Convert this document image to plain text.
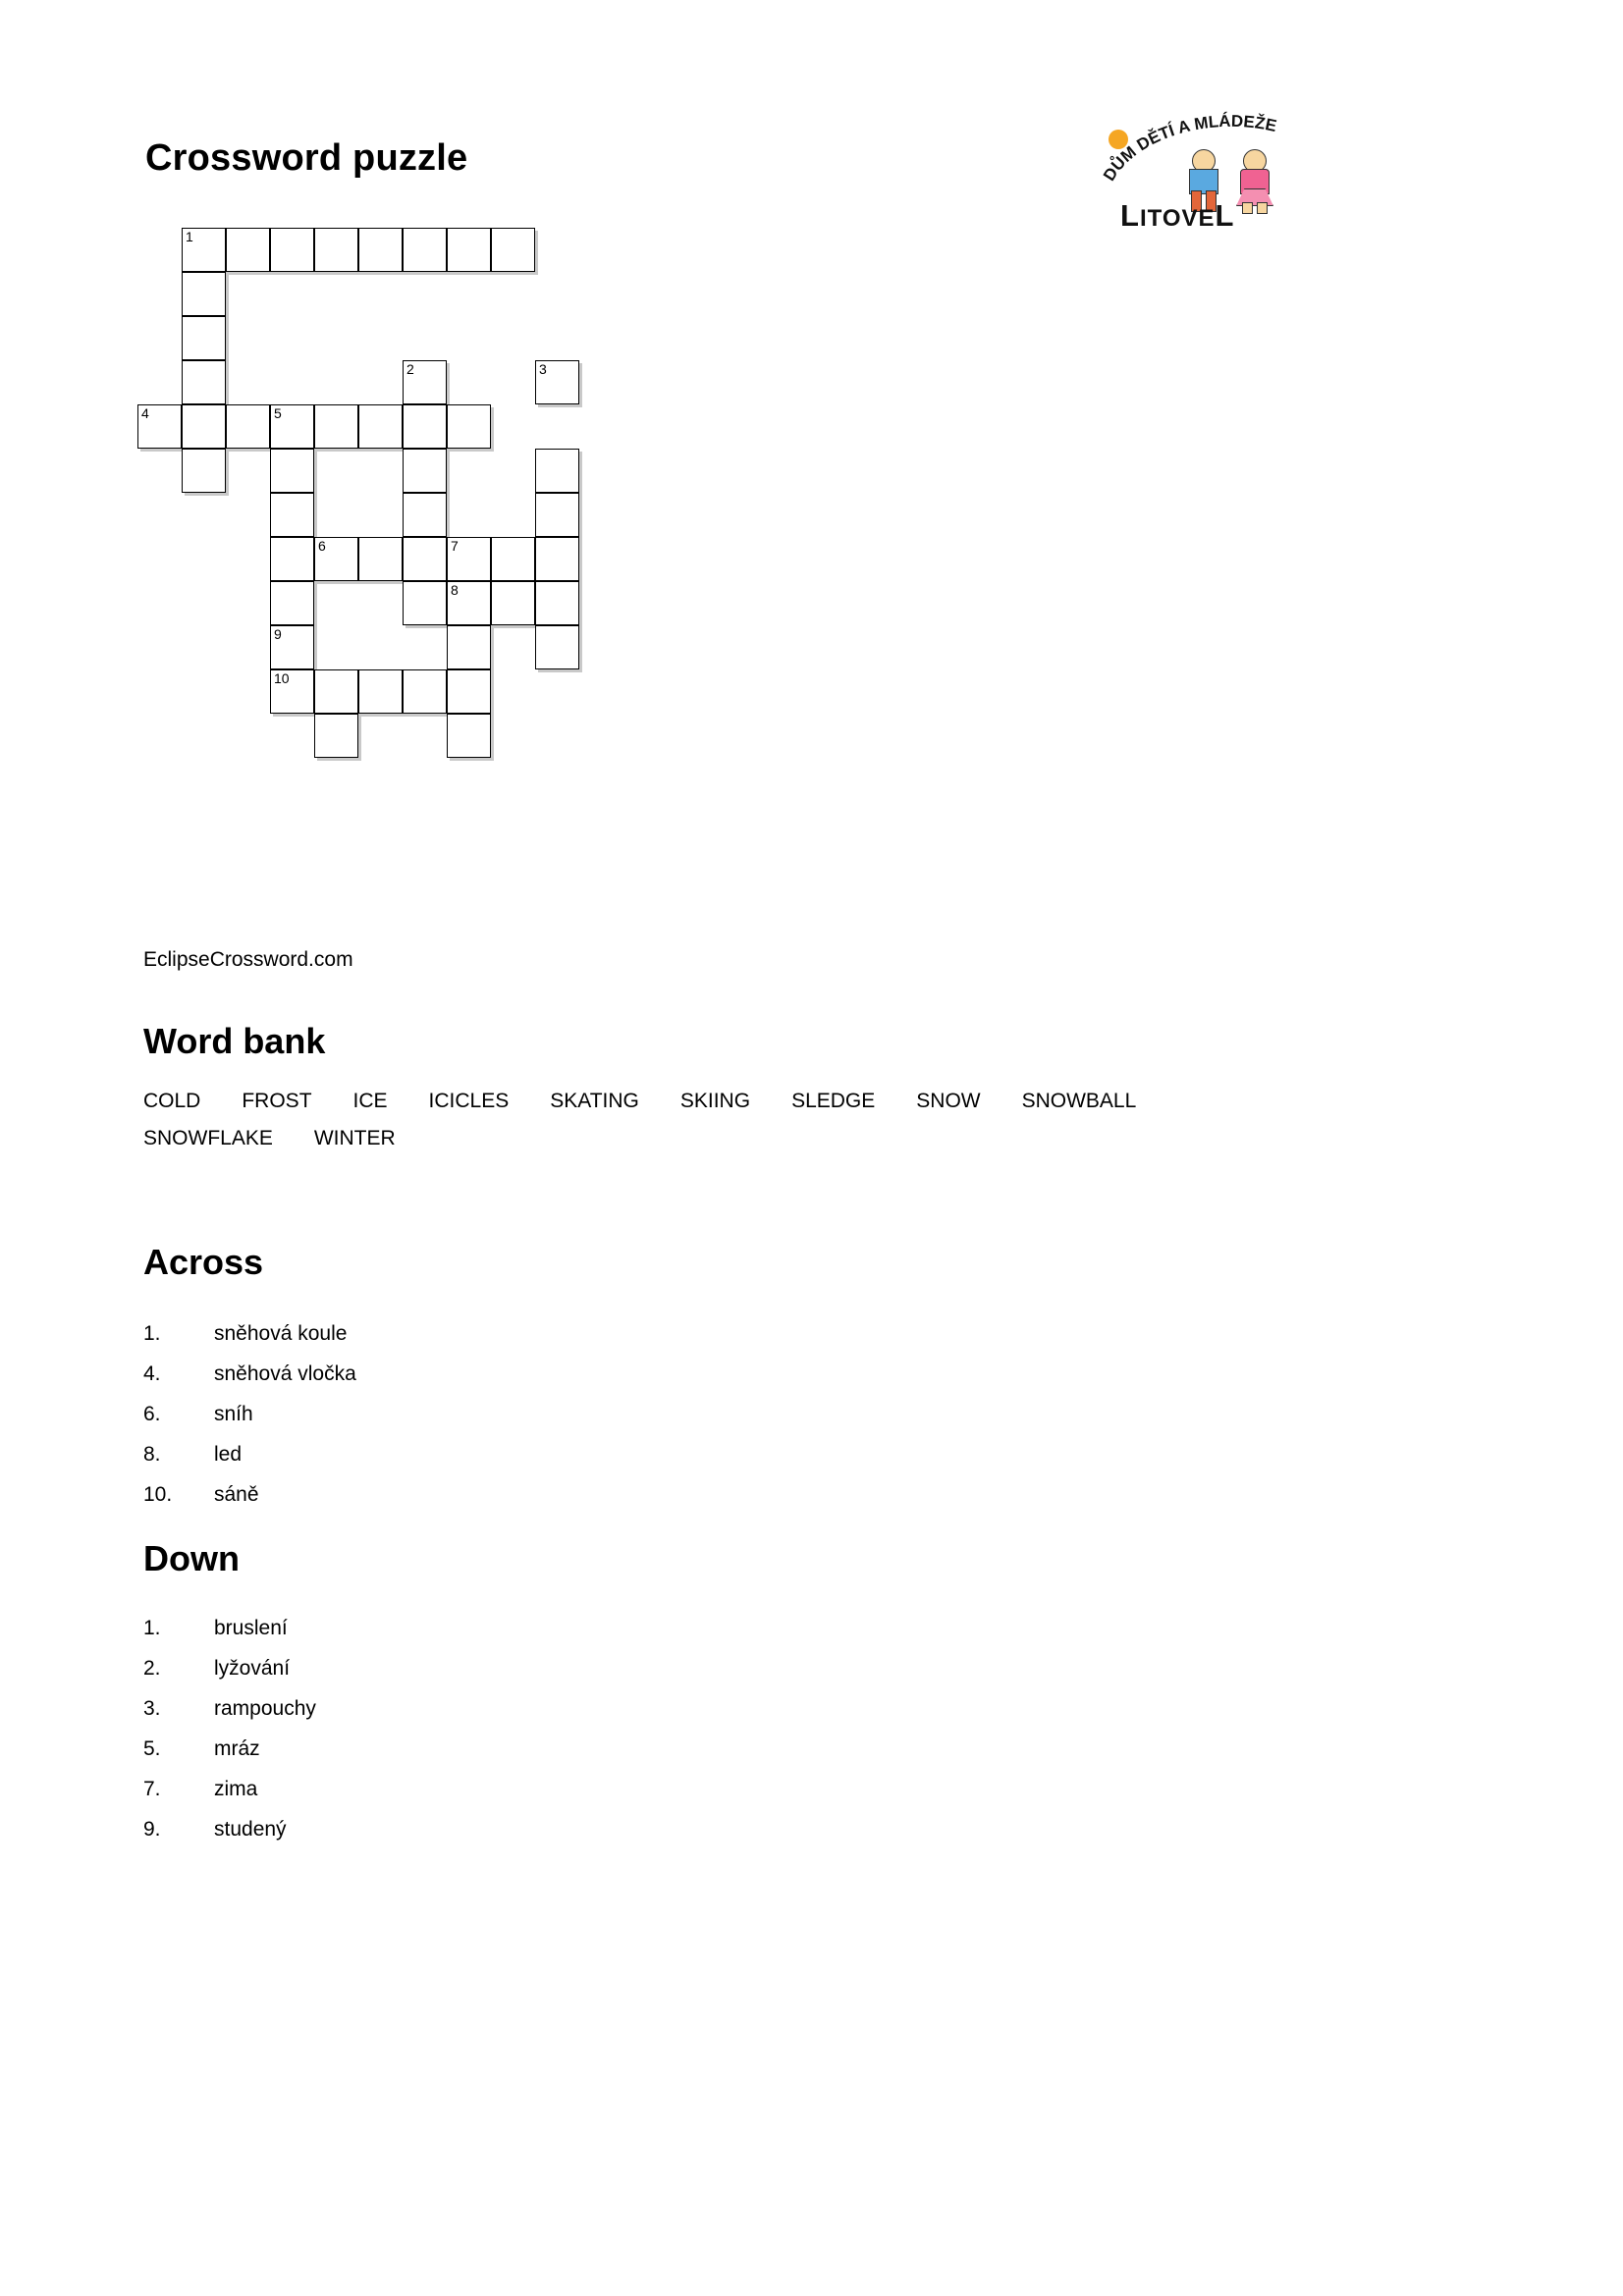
Crossword puzzle	DŮM DĚTÍ A MLÁDEŽE
LITOVEL
1
2	3
4	5
6	7
8
9
10
EclipseCrossword.com
Word bank
COLD FROST ICE ICICLES SKATING SKIING SLEDGE SNOW SNOWBALL
SNOWFLAKE WINTER
Across
1.	sněhová koule
4.	sněhová vločka
6.	sníh
8.	led
10. sáně
Down
1.	bruslení
2.	lyžování
3.	rampouchy
5.	mráz
7.	zima
9.	studený
